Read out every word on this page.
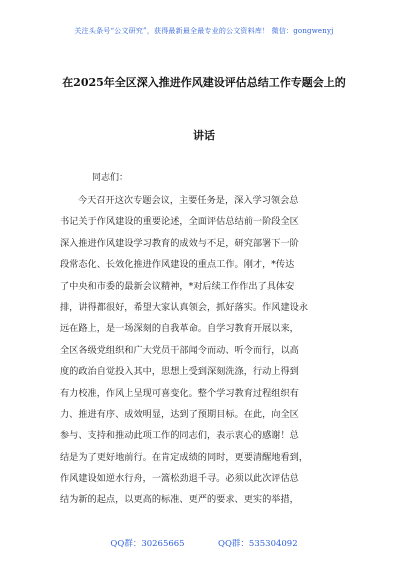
关注头条号“公文研究”，获得最新最全最专业的公文资料库！ 微信：gongwenyj
在2025年全区深入推进作风建设评估总结工作专题会上的
讲话
同志们：
今天召开这次专题会议，主要任务是，深入学习领会总
书记关于作风建设的重要论述，全面评估总结前一阶段全区
深入推进作风建设学习教育的成效与不足，研究部署下一阶
段常态化、长效化推进作风建设的重点工作。刚才，*传达
了中央和市委的最新会议精神，*对后续工作作出了具体安
排，讲得都很好，希望大家认真领会，抓好落实。作风建设永
远在路上，是一场深刻的自我革命。自学习教育开展以来，
全区各级党组织和广大党员干部闻令而动、听令而行，以高
度的政治自觉投入其中，思想上受到深刻洗涤，行动上得到
有力校准，作风上呈现可喜变化。整个学习教育过程组织有
力、推进有序、成效明显，达到了预期目标。在此，向全区
参与、支持和推动此项工作的同志们，表示衷心的感谢！总
结是为了更好地前行。在肯定成绩的同时，更要清醒地看到，
作风建设如逆水行舟，一篙松劲退千寻。必须以此次评估总
结为新的起点，以更高的标准、更严的要求、更实的举措，
QQ群：30265665	QQ群：535304092
